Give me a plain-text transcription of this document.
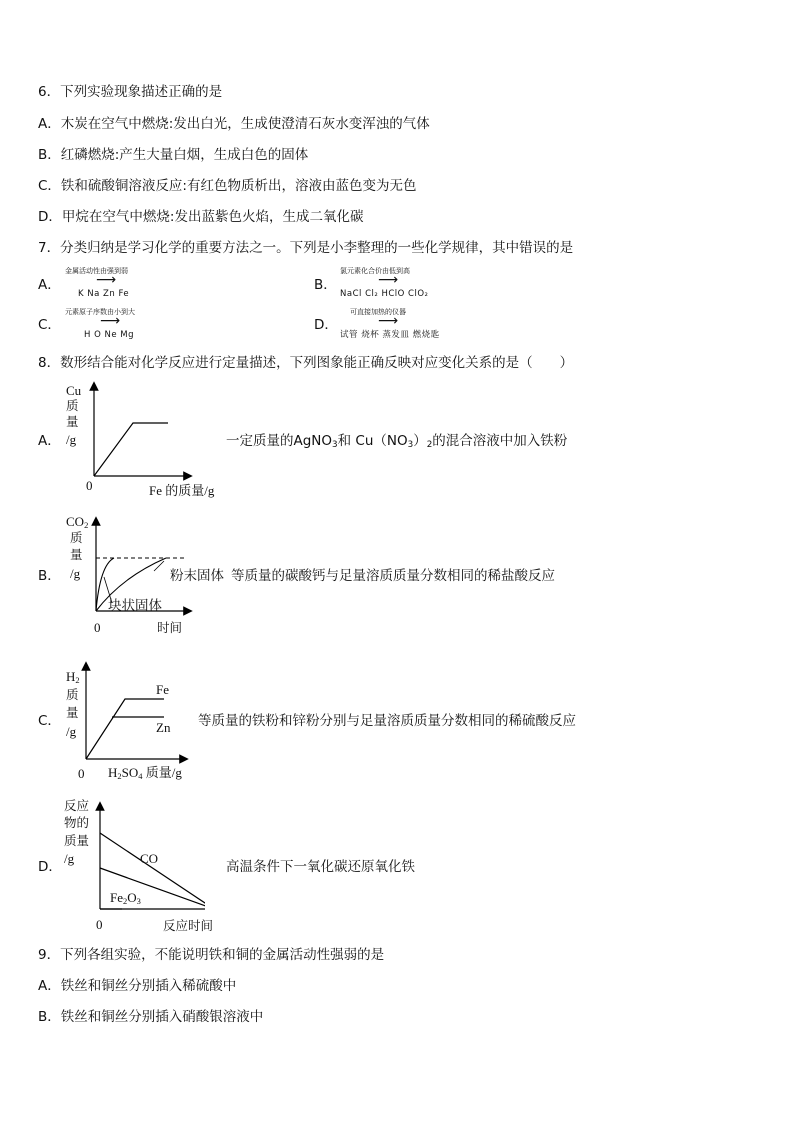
6．下列实验现象描述正确的是
A．木炭在空气中燃烧:发出白光，生成使澄清石灰水变浑浊的气体
B．红磷燃烧:产生大量白烟，生成白色的固体
C．铁和硫酸铜溶液反应:有红色物质析出，溶液由蓝色变为无色
D．甲烷在空气中燃烧:发出蓝紫色火焰，生成二氧化碳
7．分类归纳是学习化学的重要方法之一。下列是小李整理的一些化学规律，其中错误的是
A．
金属活动性由强到弱
⟶
K Na Zn Fe
B．
氯元素化合价由低到高
⟶
NaCl Cl₂ HClO ClO₂
C．
元素原子序数由小到大
⟶
H O Ne Mg
D．
可直接加热的仪器
⟶
试管 烧杯 蒸发皿 燃烧匙
8．数形结合能对化学反应进行定量描述，下列图象能正确反映对应变化关系的是（　　）
A．
Cu
质
量
/g
0	Fe 的质量/g
一定质量的AgNO$_3$和 $Cu(NO_3)_2$的混合溶液中加入铁粉
B．
$CO_2$
质
量
/g
0	时间
块状固体
粉末固体 等质量的碳酸钙与足量溶质质量分数相同的稀盐酸反应
C．
$H_2$
质
量
/g
Fe
Zn
0 $H_2SO_4$ 质量/g
等质量的铁粉和锌粉分别与足量溶质质量分数相同的稀硫酸反应
D．
反应
物的
质量
/g	CO
$Fe_2O_3$
0	反应时间
高温条件下一氧化碳还原氧化铁
9．下列各组实验，不能说明铁和铜的金属活动性强弱的是
A．铁丝和铜丝分别插入稀硫酸中
B．铁丝和铜丝分别插入硝酸银溶液中
